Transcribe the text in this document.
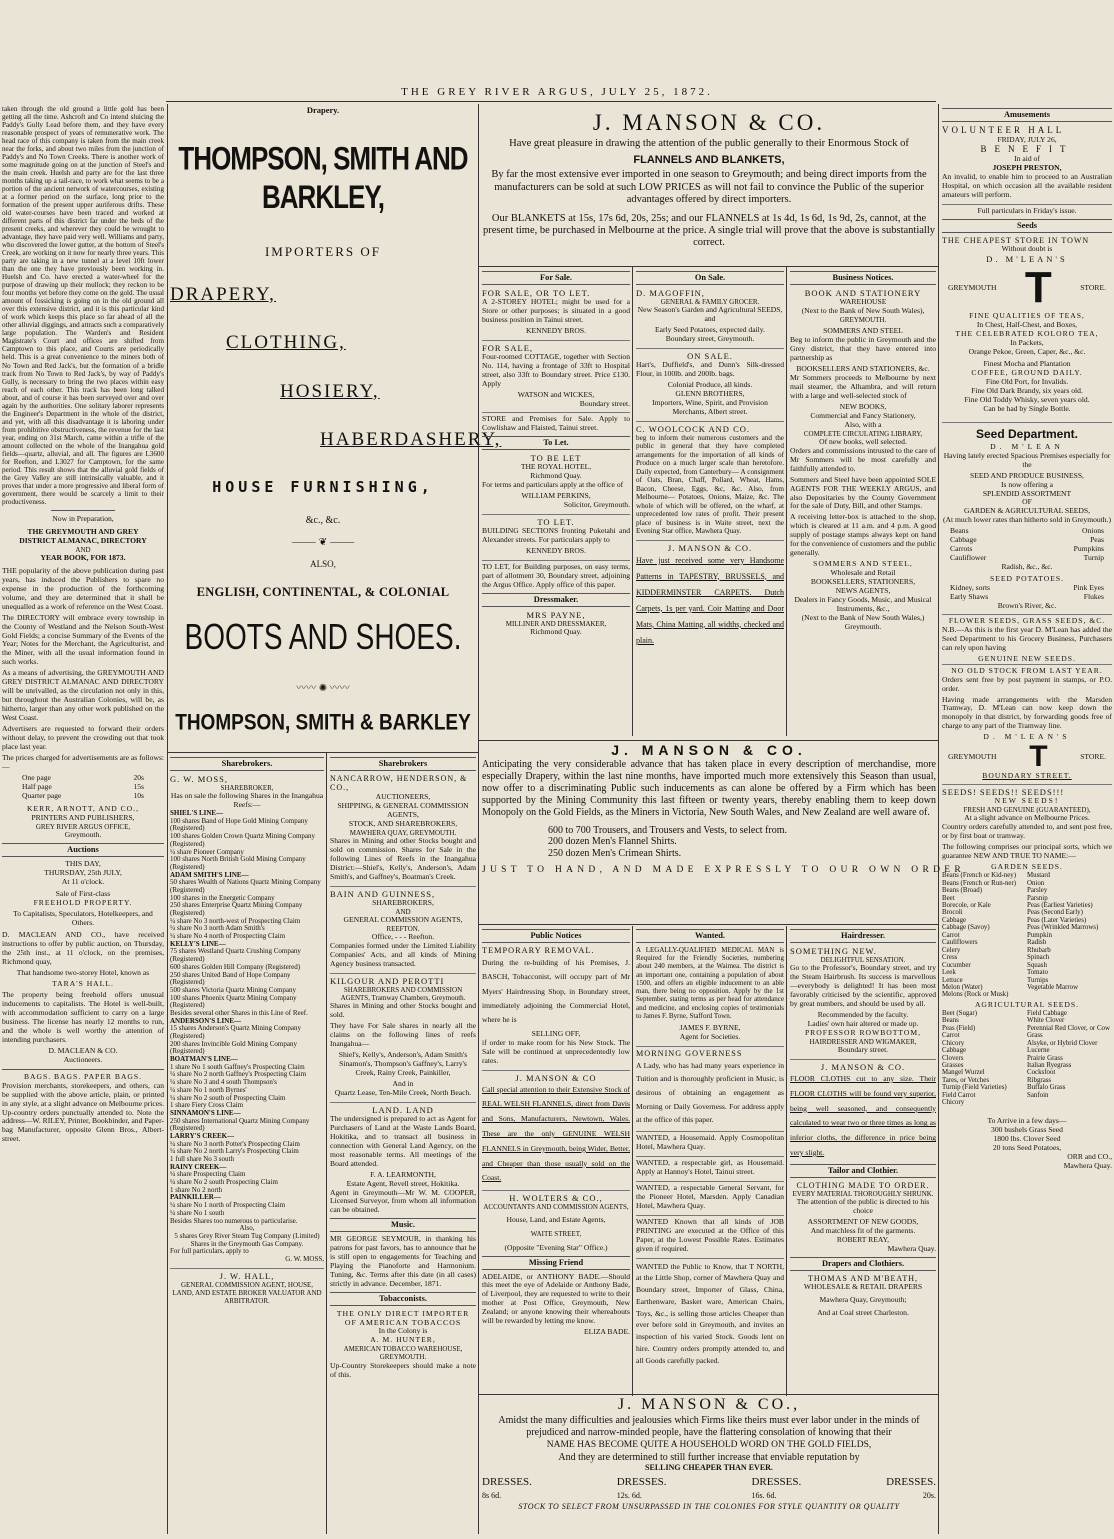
THE GREY RIVER ARGUS, JULY 25, 1872.

taken through the old ground a little gold has been getting all the time. Ashcroft and Co intend sluicing the Paddy's Gully Lead before them, and they have every reasonable prospect of years of remunerative work. The head race of this company is taken from the main creek near the forks, and about two miles from the junction of Paddy's and No Town Creeks. There is another work of some magnitude going on at the junction of Steel's and the main creek. Huelsh and party are for the last three months taking up a tail-race, to work what seems to be a portion of the ancient network of watercourses, existing at a former period on the surface, long prior to the formation of the present upper auriferous drifts. These old water-courses have been traced and worked at different parts of this district far under the beds of the present creeks, and wherever they could be wrought to advantage, they have paid very well. Williams and party, who discovered the lower gutter, at the bottom of Steel's Creek, are working on it now for nearly three years. This party are taking in a new tunnel at a level 10ft lower than the one they have previously been working in. Huelsh and Co. have erected a water-wheel for the purpose of drawing up their mullock; they reckon to be four months yet before they come on the gold. The usual amount of fossicking is going on in the old ground all over this extensive district, and it is this particular kind of work which keeps this place so far ahead of all the other alluvial diggings, and attracts such a comparatively large population. The Warden's and Resident Magistrate's Court and offices are shifted from Camptown to this place, and Courts are periodically held. This is a great convenience to the miners both of No Town and Red Jack's, but the formation of a bridle track from No Town to Red Jack's, by way of Paddy's Gully, is necessary to bring the two places within easy reach of each other. This track has been long talked about, and of course it has been surveyed over and over again by the authorities. One solitary laborer represents the Engineer's Department in the whole of the district, and yet, with all this disadvantage it is laboring under from prohibitive obstructiveness, the revenue for the last year, ending on 31st March, came within a trifle of the amount collected on the whole of the Inangahua gold fields—quartz, alluvial, and all. The figures are L3600 for Reefton, and L3027 for Camptown, for the same period. This result shows that the alluvial gold fields of the Grey Valley are still intrinsically valuable, and it proves that under a more progressive and liberal form of government, there would be scarcely a limit to their productiveness.

Now in Preparation,
THE GREYMOUTH AND GREY
DISTRICT ALMANAC, DIRECTORY
AND
YEAR BOOK, FOR 1873.

THE popularity of the above publication during past years, has induced the Publishers to spare no expense in the production of the forthcoming volume, and they are determined that it shall be unequalled as a work of reference on the West Coast.

The DIRECTORY will embrace every township in the County of Westland and the Nelson South-West Gold Fields; a concise Summary of the Events of the Year; Notes for the Merchant, the Agriculturist, and the Miner, with all the usual information found in such works.

As a means of advertising, the GREYMOUTH AND GREY DISTRICT ALMANAC AND DIRECTORY will be unrivalled, as the circulation not only in this, but throughout the Australian Colonies, will be, as hitherto, larger than any other work published on the West Coast.

Advertisers are requested to forward their orders without delay, to prevent the crowding out that took place last year.

The prices charged for advertisements are as follows:—

One page	20s
Half page	15s
Quarter page	10s
KERR, ARNOTT, AND CO.,
PRINTERS AND PUBLISHERS,
GREY RIVER ARGUS OFFICE,
Greymouth.
Auctions
THIS DAY,
THURSDAY, 25th JULY,
At 11 o'clock.
Sale of First-class
FREEHOLD PROPERTY.
To Capitalists, Speculators, Hotelkeepers, and Others.

D. MACLEAN AND CO., have received instructions to offer by public auction, on Thursday, the 25th inst., at 11 o'clock, on the premises, Richmond quay,

That handsome two-storey Hotel, known as
TARA'S HALL.

The property being freehold offers unusual inducements to capitalists. The Hotel is well-built, with accommodation sufficient to carry on a large business. The license has nearly 12 months to run, and the whole is well worthy the attention of intending purchasers.

D. MACLEAN & CO.
Auctioneers.
BAGS. BAGS. PAPER BAGS.

Provision merchants, storekeepers, and others, can be supplied with the above article, plain, or printed in any style, at a slight advance on Melbourne prices. Up-country orders punctually attended to. Note the address—W. RILEY, Printer, Bookbinder, and Paper-bag Manufacturer, opposite Glenn Bros., Albert-street.

Drapery.
THOMPSON, SMITH AND BARKLEY,
IMPORTERS OF
DRAPERY,
CLOTHING,
HOSIERY,
HABERDASHERY,
HOUSE FURNISHING,
&c., &c.
⸻ ❦ ⸻
ALSO,
ENGLISH, CONTINENTAL, & COLONIAL
BOOTS AND SHOES.
〰〰 ✺ 〰〰
THOMPSON, SMITH & BARKLEY
J. MANSON & CO.
Have great pleasure in drawing the attention of the public generally to their Enormous Stock of
FLANNELS AND BLANKETS,
By far the most extensive ever imported in one season to Greymouth; and being direct imports from the manufacturers can be sold at such LOW PRICES as will not fail to convince the Public of the superior advantages offered by direct importers.
Our BLANKETS at 15s, 17s 6d, 20s, 25s; and our FLANNELS at 1s 4d, 1s 6d, 1s 9d, 2s, cannot, at the present time, be purchased in Melbourne at the price. A single trial will prove that the above is substantially correct.
For Sale.
FOR SALE, OR TO LET.

A 2-STOREY HOTEL; might be used for a Store or other purposes; is situated in a good business position in Tainui street.

KENNEDY BROS.
FOR SALE,

Four-roomed COTTAGE, together with Section No. 114, having a frontage of 33ft to Hospital street, also 33ft to Boundary street. Price £130. Apply

WATSON and WICKES,
Boundary street.

STORE and Premises for Sale. Apply to Cowlishaw and Flaisted, Tainui street.

To Let.
TO BE LET
THE ROYAL HOTEL,
Richmond Quay.

For terms and particulars apply at the office of

WILLIAM PERKINS,
Solicitor, Greymouth.
TO LET.

BUILDING SECTIONS fronting Puketahi and Alexander streets. For particulars apply to

KENNEDY BROS.

TO LET, for Building purposes, on easy terms, part of allotment 30, Boundary street, adjoining the Argus Office. Apply office of this paper.

Dressmaker.
MRS PAYNE,
MILLINER AND DRESSMAKER,
Richmond Quay.
On Sale.
D. MAGOFFIN,
GENERAL & FAMILY GROCER.

New Season's Garden and Agricultural SEEDS, and

Early Seed Potatoes, expected daily.
Boundary street, Greymouth.
ON SALE.

Hart's, Duffield's, and Dunn's Silk-dressed Flour, in 100lb. and 200lb. bags.

Colonial Produce, all kinds.
GLENN BROTHERS,

Importers, Wine, Spirit, and Provision Merchants, Albert street.

C. WOOLCOCK AND CO.

beg to inform their numerous customers and the public in general that they have completed arrangements for the importation of all kinds of Produce on a much larger scale than heretofore. Daily expected, from Canterbury— A consignment of Oats, Bran, Chaff, Pollard, Wheat, Hams, Bacon, Cheese, Eggs, &c, &c. Also, from Melbourne— Potatoes, Onions, Maize, &c. The whole of which will be offered, on the wharf, at unprecedented low rates of profit. Their present place of business is in Waite street, next the Evening Star office, Mawhera Quay.

J. MANSON & CO.

Have just received some very Handsome Patterns in TAPESTRY, BRUSSELS, and KIDDERMINSTER CARPETS. Dutch Carpets, 1s per yard. Coir Matting and Door Mats, China Matting, all widths, checked and plain.

Business Notices.
BOOK AND STATIONERY
WAREHOUSE
(Next to the Bank of New South Wales),
GREYMOUTH.
SOMMERS AND STEEL

Beg to inform the public in Greymouth and the Grey district, that they have entered into partnership as

BOOKSELLERS AND STATIONERS, &c.

Mr Sommers proceeds to Melbourne by next mail steamer, the Alhambra, and will return with a large and well-selected stock of

NEW BOOKS,
Commercial and Fancy Stationery,
Also, with a
COMPLETE CIRCULATING LIBRARY,
Of new books, well selected.

Orders and commissions intrusted to the care of Mr Sommers will be most carefully and faithfully attended to.

Sommers and Steel have been appointed SOLE AGENTS FOR THE WEEKLY ARGUS, and also Depositaries by the County Government for the sale of Duty, Bill, and other Stamps.

A receiving letter-box is attached to the shop, which is cleared at 11 a.m. and 4 p.m. A good supply of postage stamps always kept on hand for the convenience of customers and the public generally.

SOMMERS AND STEEL,
Wholesale and Retail
BOOKSELLERS, STATIONERS,
NEWS AGENTS,
Dealers in Fancy Goods, Music, and Musical Instruments, &c.,
(Next to the Bank of New South Wales,)
Greymouth.
J. MANSON & CO.

Anticipating the very considerable advance that has taken place in every description of merchandise, more especially Drapery, within the last nine months, have imported much more extensively this Season than usual, now offer to a discriminating Public such inducements as can alone be offered by a Firm which has been supported by the Mining Community this last fifteen or twenty years, thereby enabling them to keep down Monopoly on the Gold Fields, as the Miners in Victoria, New South Wales, and New Zealand are well aware of.

600 to 700 Trousers, and Trousers and Vests, to select from.
200 dozen Men's Flannel Shirts.
250 dozen Men's Crimean Shirts.
JUST TO HAND, AND MADE EXPRESSLY TO OUR OWN ORDER
Sharebrokers.
G. W. MOSS,
SHAREBROKER,
Has on sale the following Shares in the Inangahua Reefs:—
SHIEL'S LINE—
100 shares Band of Hope Gold Mining Company (Registered)
100 shares Golden Crown Quartz Mining Company (Registered)
¼ share Pioneer Company
100 shares North British Gold Mining Company (Registered)
ADAM SMITH'S LINE—
50 shares Wealth of Nations Quartz Mining Company (Registered)
100 shares in the Energetic Company
250 shares Enterprise Quartz Mining Company (Registered)
¼ share No 3 north-west of Prospecting Claim
¼ share No 3 north Adam Smith's
¼ share No 4 north of Prospecting Claim
KELLY'S LINE—
75 shares Westland Quartz Crushing Company (Registered)
600 shares Golden Hill Company (Registered)
250 shares United Band of Hope Company (Registered)
500 shares Victoria Quartz Mining Company
100 shares Phoenix Quartz Mining Company (Registered)
Besides several other Shares in this Line of Reef.
ANDERSON'S LINE—
15 shares Anderson's Quartz Mining Company (Registered)
200 shares Invincible Gold Mining Company (Registered)
BOATMAN'S LINE—
1 share No 1 south Gaffney's Prospecting Claim
¼ share No 2 north Gaffney's Prospecting Claim
¼ share No 3 and 4 south Thompson's
¼ share No 1 north Byrnes'
¼ share No 2 south of Prospecting Claim
1 share Fiery Cross Claim
SINNAMON'S LINE—
250 shares International Quartz Mining Company (Registered)
LARRY'S CREEK—
¼ share No 3 north Potter's Prospecting Claim
¼ share No 2 north Larry's Prospecting Claim
1 full share No 3 south
RAINY CREEK—
¼ share Prospecting Claim
¼ share No 2 south Prospecting Claim
1 share No 2 north
PAINKILLER—
¼ share No 1 north of Prospecting Claim
¼ share No 1 south
Besides Shares too numerous to particularise.
Also,
5 shares Grey River Steam Tug Company (Limited) Shares in the Greymouth Gas Company.
For full particulars, apply to
G. W. MOSS,
J. W. HALL,
GENERAL COMMISSION AGENT, HOUSE, LAND, AND ESTATE BROKER VALUATOR AND ARBITRATOR.
Sharebrokers
NANCARROW, HENDERSON, & CO.,
AUCTIONEERS,
SHIPPING, & GENERAL COMMISSION AGENTS,
STOCK, AND SHAREBROKERS,
MAWHERA QUAY, GREYMOUTH.

Shares in Mining and other Stocks bought and sold on commission. Shares for Sale in the following Lines of Reefs in the Inangahua District:—Shiel's, Kelly's, Anderson's, Adam Smith's, and Gaffney's, Boatman's Creek.

BAIN AND GUINNESS,
SHAREBROKERS,
AND
GENERAL COMMISSION AGENTS,
REEFTON.
Office, - - - Reefton.

Companies formed under the Limited Liability Companies' Acts, and all kinds of Mining Agency business transacted.

KILGOUR AND PEROTTI
SHAREBROKERS AND COMMISSION AGENTS, Tramway Chambers, Greymouth.

Shares in Mining and other Stocks bought and sold.

They have For Sale shares in nearly all the claims on the following lines of reefs Inangahua—

Shiel's, Kelly's, Anderson's, Adam Smith's Sinamon's, Thompson's Gaffney's, Larry's Creek, Rainy Creek, Painkiller,

And in
Quartz Lease, Ten-Mile Creek, North Beach.
LAND. LAND

The undersigned is prepared to act as Agent for Purchasers of Land at the Waste Lands Board, Hokitika, and to transact all business in connection with General Land Agency, on the most reasonable terms. All meetings of the Board attended.

F. A. LEARMONTH,
Estate Agent, Revell street, Hokitika.

Agent in Greymouth—Mr W. M. COOPER, Licensed Surveyor, from whom all information can be obtained.

Music.

MR GEORGE SEYMOUR, in thanking his patrons for past favors, has to announce that he is still open to engagements for Teaching and Playing the Pianoforte and Harmonium. Tuning, &c. Terms after this date (in all cases) strictly in advance. December, 1871.

Tobacconists.
THE ONLY DIRECT IMPORTER OF AMERICAN TOBACCOS
In the Colony is
A. M. HUNTER,
AMERICAN TOBACCO WAREHOUSE, GREYMOUTH.

Up-Country Storekeepers should make a note of this.

Public Notices
TEMPORARY REMOVAL.

During the re-building of his Premises, J. BASCH, Tobacconist, will occupy part of Mr Myers' Hairdressing Shop, in Boundary street, immediately adjoining the Commercial Hotel, where he is

SELLING OFF,

if order to make room for his New Stock. The Sale will be continued at unprecedentedly low rates.

J. MANSON & CO

Call special attention to their Extensive Stock of REAL WELSH FLANNELS, direct from Davis and Sons, Manufacturers, Newtown, Wales. These are the only GENUINE WELSH FLANNELS in Greymouth, being Wider, Better, and Cheaper than those usually sold on the Coast.

H. WOLTERS & CO.,
ACCOUNTANTS AND COMMISSION AGENTS,
House, Land, and Estate Agents,
WAITE STREET,
(Opposite "Evening Star" Office.)
Missing Friend

ADELAIDE, or ANTHONY BADE.—Should this meet the eye of Adelaide or Anthony Bade, of Liverpool, they are requested to write to their mother at Post Office, Greymouth, New Zealand; or anyone knowing their whereabouts will be rewarded by letting me know.

ELIZA BADE.
Wanted.

A LEGALLY-QUALIFIED MEDICAL MAN is Required for the Friendly Societies, numbering about 240 members, at the Waimea. The district is an important one, containing a population of about 1500, and offers an eligible inducement to an able man, there being no opposition. Apply by the 1st September, stating terms as per head for attendance and medicine, and enclosing copies of testimonials to James F. Byrne, Stafford Town.

JAMES F. BYRNE,
Agent for Societies.
MORNING GOVERNESS

A Lady, who has had many years experience in Tuition and is thoroughly proficient in Music, is desirous of obtaining an engagement as Morning or Daily Governess. For address apply at the office of this paper.

WANTED, a Housemaid. Apply Cosmopolitan Hotel, Mawhera Quay.

WANTED, a respectable girl, as Housemaid. Apply at Hannoy's Hotel, Tainui street.

WANTED, a respectable General Servant, for the Pioneer Hotel, Marsden. Apply Canadian Hotel, Mawhera Quay.

WANTED Known that all kinds of JOB PRINTING are executed at the Office of this Paper, at the Lowest Possible Rates. Estimates given if required.

WANTED the Public to Know, that T NORTH, at the Little Shop, corner of Mawhera Quay and Boundary street, Importer of Glass, China, Earthenware, Basket ware, American Chairs, Toys, &c., is selling those articles Cheaper than ever before sold in Greymouth, and invites an inspection of his varied Stock. Goods lent on hire. Country orders promptly attended to, and all Goods carefully packed.

Hairdresser.
SOMETHING NEW.
DELIGHTFUL SENSATION.

Go to the Professor's, Boundary street, and try the Steam Hairbrush. Its success is marvellous—everybody is delighted! It has been most favorably criticised by the scientific, approved by great numbers, and should be used by all.

Recommended by the faculty.
Ladies' own hair altered or made up.
PROFESSOR ROWBOTTOM,
HAIRDRESSER AND WIGMAKER,
Boundary street.
J. MANSON & CO.

FLOOR CLOTHS cut to any size. Their FLOOR CLOTHS will be found very superior, being well seasoned, and consequently calculated to wear two or three times as long as inferior cloths, the difference in price being very slight.

Tailor and Clothier.
CLOTHING MADE TO ORDER.
EVERY MATERIAL THOROUGHLY SHRUNK.

The attention of the public is directed to his choice

ASSORTMENT OF NEW GOODS,
And matchless fit of the garments.
ROBERT REAY,
Mawhera Quay.
Drapers and Clothiers.
THOMAS AND M'BEATH,
WHOLESALE & RETAIL DRAPERS
Mawhera Quay, Greymouth;
And at Coal street Charleston.
J. MANSON & CO.,

Amidst the many difficulties and jealousies which Firms like theirs must ever labor under in the minds of prejudiced and narrow-minded people, have the flattering consolation of knowing that their

NAME HAS BECOME QUITE A HOUSEHOLD WORD ON THE GOLD FIELDS,
And they are determined to still further increase that enviable reputation by
SELLING CHEAPER THAN EVER.
DRESSES.
8s 6d.
DRESSES.
12s. 6d.
DRESSES.
16s. 6d.
DRESSES.
20s.
STOCK TO SELECT FROM UNSURPASSED IN THE COLONIES FOR STYLE QUANTITY OR QUALITY
Amusements
VOLUNTEER HALL
FRIDAY, JULY 26,
BENEFIT
In aid of
JOSEPH PRESTON,

An invalid, to enable him to proceed to an Australian Hospital, on which occasion all the available resident amateurs will perform.

Full particulars in Friday's issue.
Seeds
THE CHEAPEST STORE IN TOWN
Without doubt is
D. M'LEAN'S
GREYMOUTH T	STORE.
FINE QUALITIES OF TEAS,
In Chest, Half-Chest, and Boxes,
THE CELEBRATED KOLORO TEA,
In Packets,
Orange Pekoe, Green, Caper, &c., &c.
Finest Mocha and Plantation
COFFEE, GROUND DAILY.
Fine Old Port, for Invalids.
Fine Old Dark Brandy, six years old.
Fine Old Toddy Whisky, seven years old.
Can be had by Single Bottle.
Seed Department.
D. M'LEAN

Having lately erected Spacious Premises especially for the

SEED AND PRODUCE BUSINESS,
Is now offering a
SPLENDID ASSORTMENT
OF
GARDEN & AGRICULTURAL SEEDS,

(At much lower rates than hitherto sold in Greymouth.)

Beans	Onions
Cabbage	Peas
Carrots	Pumpkins
Cauliflower	Turnip
Radish, &c., &c.
SEED POTATOES.
Kidney, sorts	Pink Eyes
Early Shaws	Flukes
Brown's River, &c.
FLOWER SEEDS, GRASS SEEDS, &C.

N.B.—As this is the first year D. M'Lean has added the Seed Department to his Grocery Business, Purchasers can rely upon having

GENUINE NEW SEEDS.
NO OLD STOCK FROM LAST YEAR.

Orders sent free by post payment in stamps, or P.O. order.

Having made arrangements with the Marsden Tramway, D. M'Lean can now keep down the monopoly in that district, by forwarding goods free of charge to any part of the Tramway line.

D. M'LEAN'S
GREYMOUTH T	STORE.
BOUNDARY STREET.
SEEDS! SEEDS!! SEEDS!!!
NEW SEEDS!
FRESH AND GENUINE (GUARANTEED),
At a slight advance on Melbourne Prices.

Country orders carefully attended to, and sent post free, or by first boat or tramway.

The following comprises our principal sorts, which we guarantee NEW AND TRUE TO NAME:—

GARDEN SEEDS.
Beans (French or Kid-ney)
Beans (French or Run-ner)
Beans (Broad)
Beet
Borecole, or Kale
Brocoli
Cabbage
Cabbage (Savoy)
Carrot
Cauliflowers
Celery
Cress
Cucumber
Leek
Lettuce
Melon (Water)
Melons (Rock or Musk)
Mustard
Onion
Parsley
Parsnip
Peas (Earliest Varieties)
Peas (Second Early)
Peas (Later Varieties)
Peas (Wrinkled Marrows)
Pumpkin
Radish
Rhubarb
Spinach
Squash
Tomato
Turnips
Vegetable Marrow

AGRICULTURAL SEEDS.
Beet (Sugar)
Beans
Peas (Field)
Carrot
Chicory
Cabbage
Clovers
Grasses
Mangel Wurzel
Tares, or Vetches
Turnip (Field Varieties)
Field Carrot
Chicory
Field Cabbage
White Clover
Perennial Red Clover, or Cow Grass
Alsyke, or Hybrid Clover
Lucerne
Prairie Grass
Italian Ryegrass
Cocksfoot
Ribgrass
Buffalo Grass
Sanfoin

To Arrive in a few days—
300 bushels Grass Seed
1800 lbs. Clover Seed
20 tons Seed Potatoes,
ORR and CO.,
Mawhera Quay.
